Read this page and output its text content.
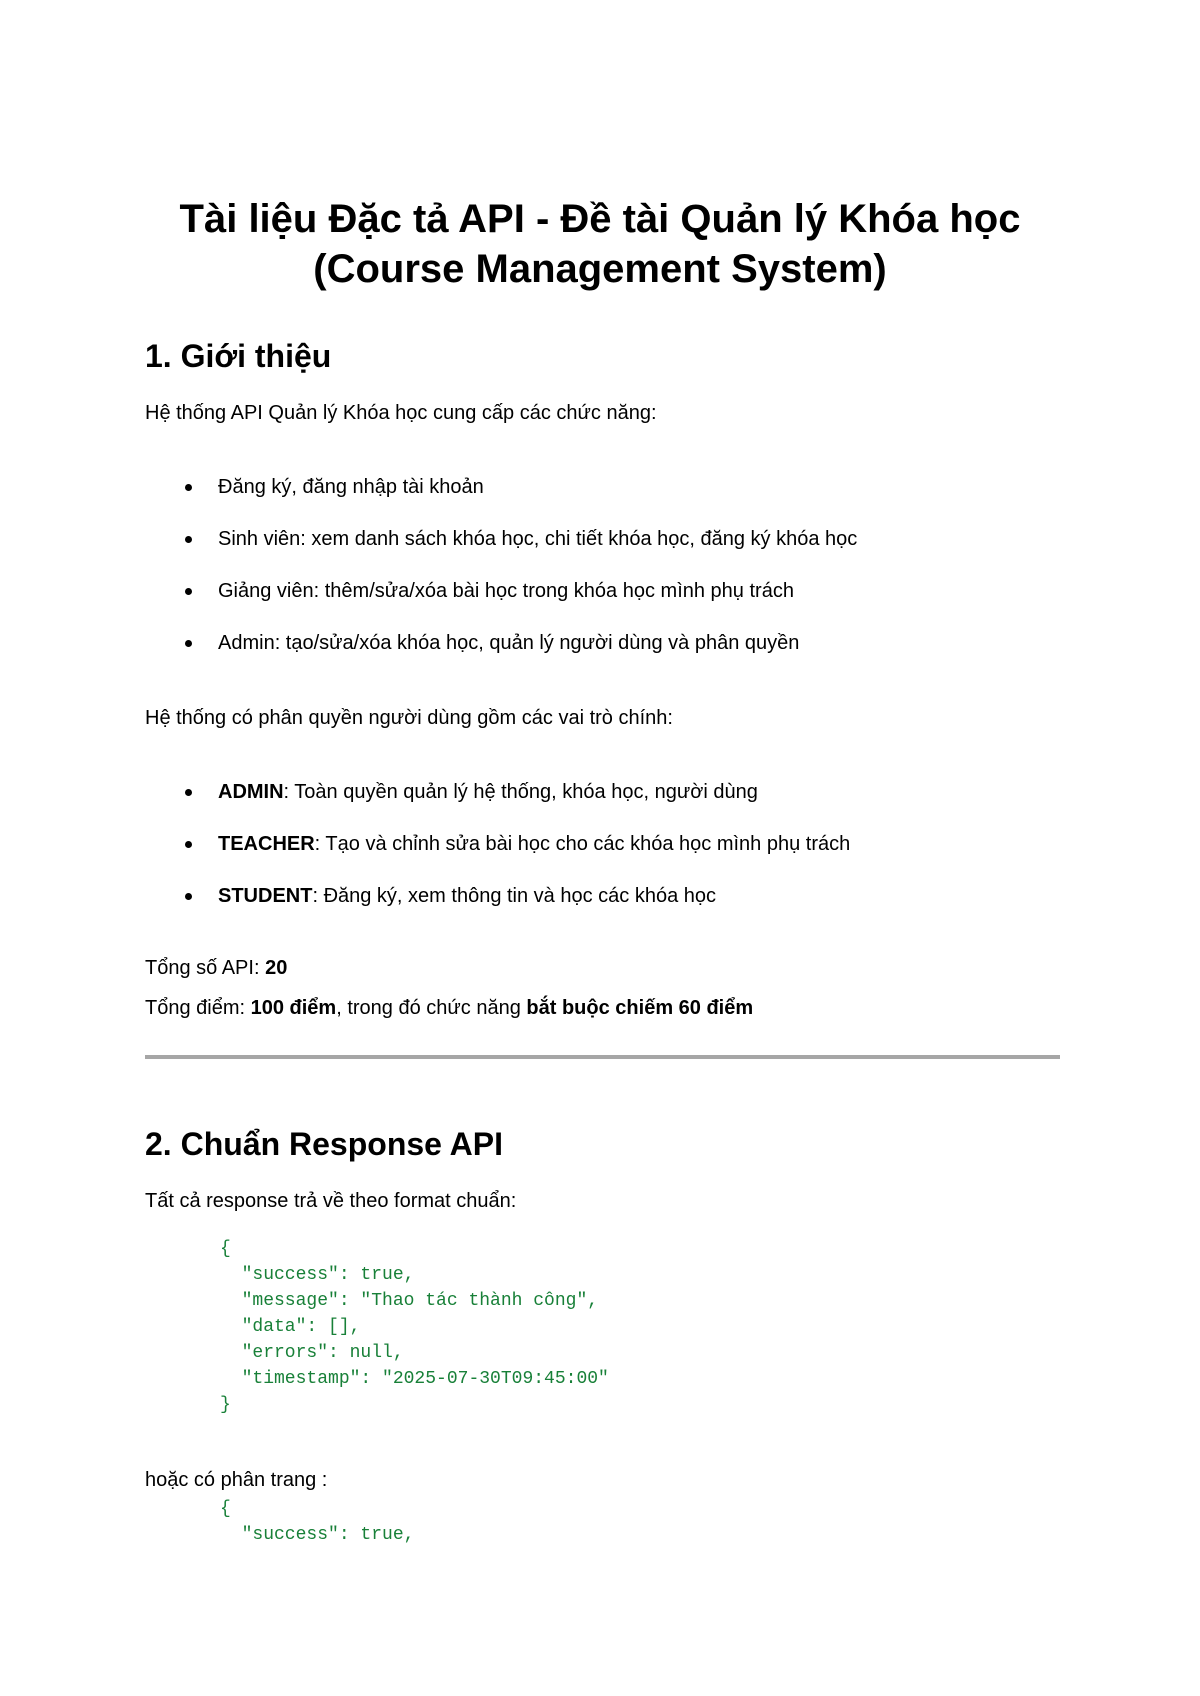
Tài liệu Đặc tả API - Đề tài Quản lý Khóa học (Course Management System)
1. Giới thiệu

Hệ thống API Quản lý Khóa học cung cấp các chức năng:

Đăng ký, đăng nhập tài khoản
Sinh viên: xem danh sách khóa học, chi tiết khóa học, đăng ký khóa học
Giảng viên: thêm/sửa/xóa bài học trong khóa học mình phụ trách
Admin: tạo/sửa/xóa khóa học, quản lý người dùng và phân quyền

Hệ thống có phân quyền người dùng gồm các vai trò chính:

ADMIN: Toàn quyền quản lý hệ thống, khóa học, người dùng
TEACHER: Tạo và chỉnh sửa bài học cho các khóa học mình phụ trách
STUDENT: Đăng ký, xem thông tin và học các khóa học

Tổng số API: 20

Tổng điểm: 100 điểm, trong đó chức năng bắt buộc chiếm 60 điểm

2. Chuẩn Response API

Tất cả response trả về theo format chuẩn:

{
"success": true,
"message": "Thao tác thành công",
"data": [],
"errors": null,
"timestamp": "2025-07-30T09:45:00"
}

hoặc có phân trang :

{
"success": true,
